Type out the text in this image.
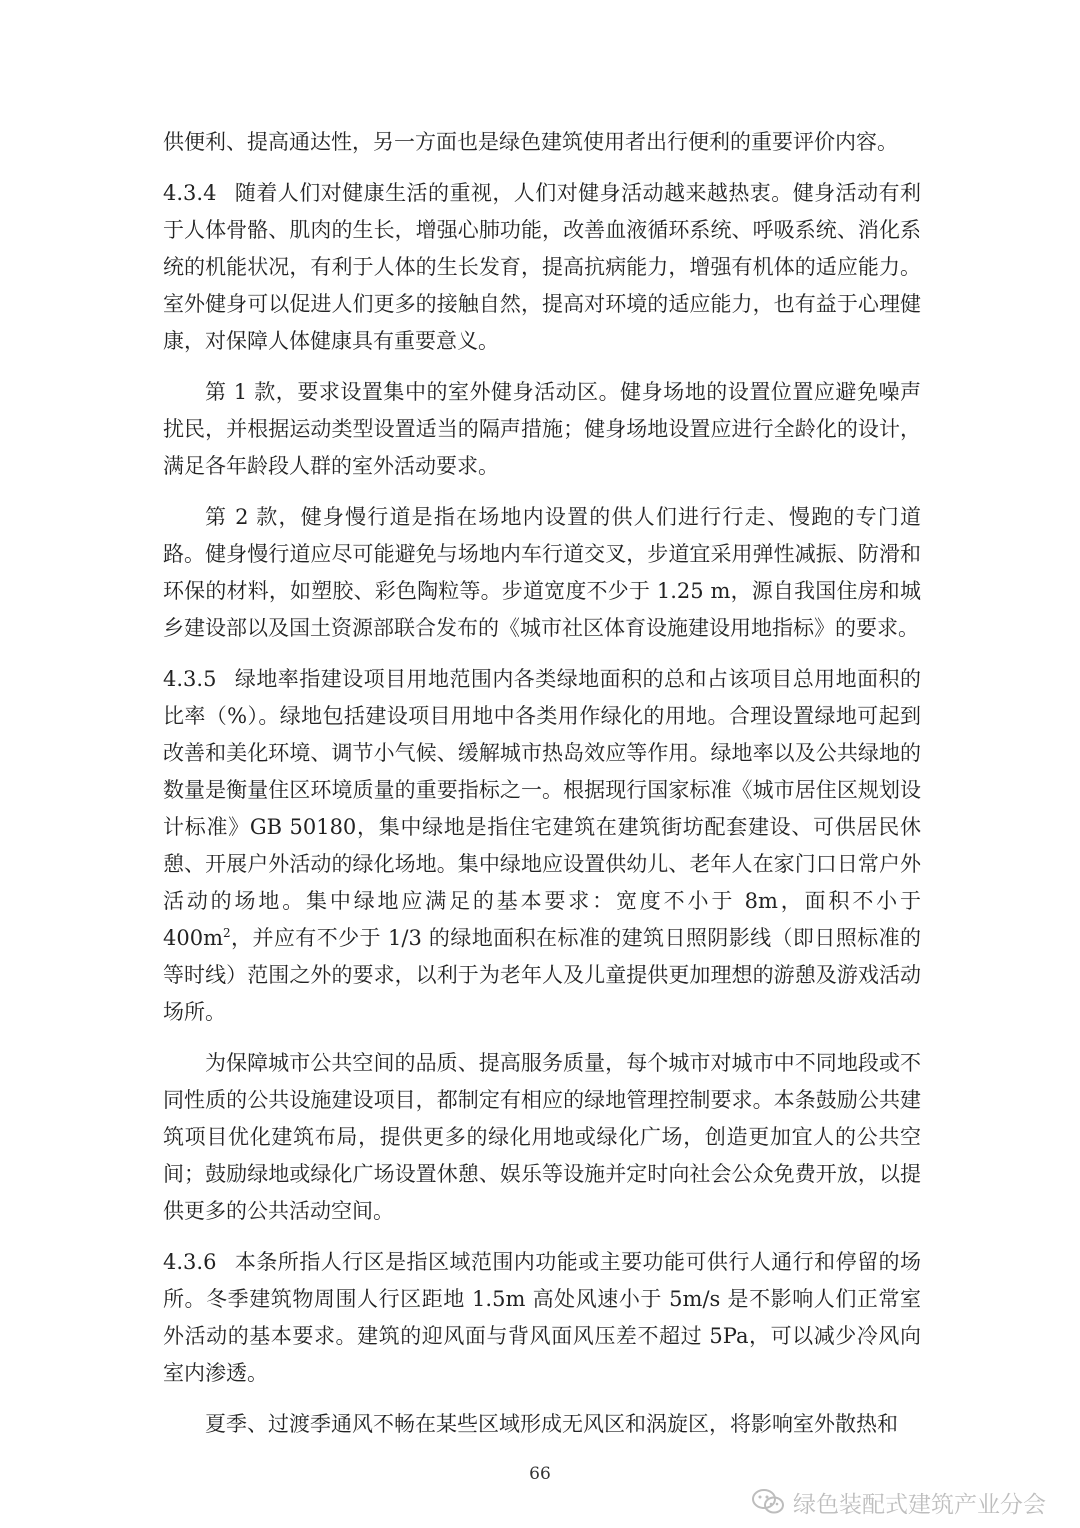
供便利、提高通达性，另一方面也是绿色建筑使用者出行便利的重要评价内容。

4.3.4 随着人们对健康生活的重视，人们对健身活动越来越热衷。健身活动有利于人体骨骼、肌肉的生长，增强心肺功能，改善血液循环系统、呼吸系统、消化系统的机能状况，有利于人体的生长发育，提高抗病能力，增强有机体的适应能力。室外健身可以促进人们更多的接触自然，提高对环境的适应能力，也有益于心理健康，对保障人体健康具有重要意义。

第 1 款，要求设置集中的室外健身活动区。健身场地的设置位置应避免噪声扰民，并根据运动类型设置适当的隔声措施；健身场地设置应进行全龄化的设计，满足各年龄段人群的室外活动要求。

第 2 款，健身慢行道是指在场地内设置的供人们进行行走、慢跑的专门道路。健身慢行道应尽可能避免与场地内车行道交叉，步道宜采用弹性减振、防滑和环保的材料，如塑胶、彩色陶粒等。步道宽度不少于 1.25 m，源自我国住房和城乡建设部以及国土资源部联合发布的《城市社区体育设施建设用地指标》的要求。

4.3.5 绿地率指建设项目用地范围内各类绿地面积的总和占该项目总用地面积的比率（%）。绿地包括建设项目用地中各类用作绿化的用地。合理设置绿地可起到改善和美化环境、调节小气候、缓解城市热岛效应等作用。绿地率以及公共绿地的数量是衡量住区环境质量的重要指标之一。根据现行国家标准《城市居住区规划设计标准》GB 50180，集中绿地是指住宅建筑在建筑街坊配套建设、可供居民休憩、开展户外活动的绿化场地。集中绿地应设置供幼儿、老年人在家门口日常户外活动的场地。集中绿地应满足的基本要求：宽度不小于 8m，面积不小于 $400m^2$，并应有不少于 1/3 的绿地面积在标准的建筑日照阴影线（即日照标准的等时线）范围之外的要求，以利于为老年人及儿童提供更加理想的游憩及游戏活动场所。

为保障城市公共空间的品质、提高服务质量，每个城市对城市中不同地段或不同性质的公共设施建设项目，都制定有相应的绿地管理控制要求。本条鼓励公共建筑项目优化建筑布局，提供更多的绿化用地或绿化广场，创造更加宜人的公共空间；鼓励绿地或绿化广场设置休憩、娱乐等设施并定时向社会公众免费开放，以提供更多的公共活动空间。

4.3.6 本条所指人行区是指区域范围内功能或主要功能可供行人通行和停留的场所。冬季建筑物周围人行区距地 1.5m 高处风速小于 5m/s 是不影响人们正常室外活动的基本要求。建筑的迎风面与背风面风压差不超过 5Pa，可以减少冷风向室内渗透。

夏季、过渡季通风不畅在某些区域形成无风区和涡旋区，将影响室外散热和

66
绿色装配式建筑产业分会
